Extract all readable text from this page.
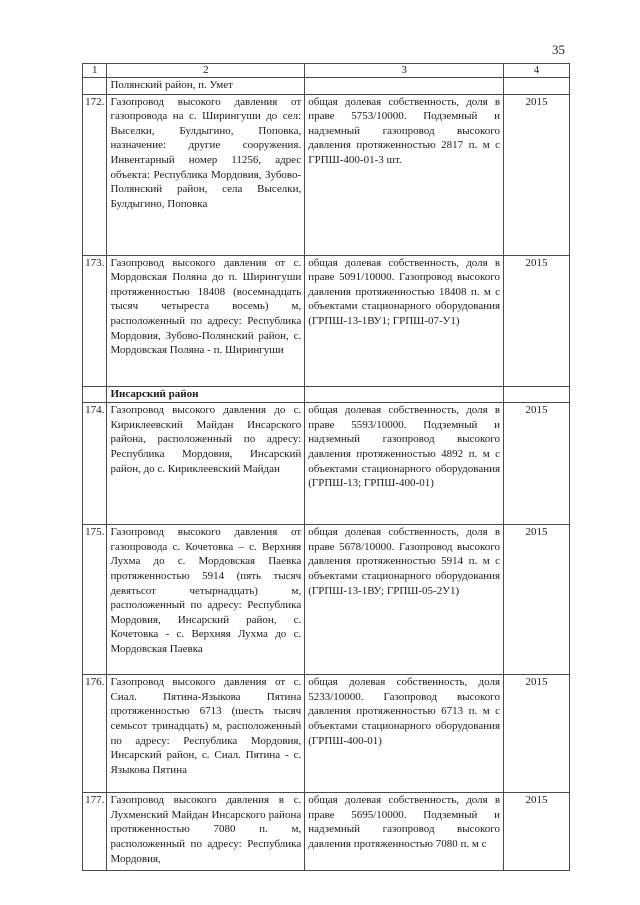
35
1	2	3	4
	Полянский район, п. Умет		
172.	Газопровод высокого давления от газопровода на с. Ширингуши до сел: Выселки, Булдыгино, Поповка, назначение: другие сооружения. Инвентарный номер 11256, адрес объекта: Республика Мордовия, Зубово-Полянский район, села Выселки, Булдыгино, Поповка	общая долевая собственность, доля в праве 5753/10000. Подземный и надземный газопровод высокого давления протяженностью 2817 п. м с ГРПШ-400-01-3 шт.	2015
173.	Газопровод высокого давления от с. Мордовская Поляна до п. Ширингуши протяженностью 18408 (восемнадцать тысяч четыреста восемь) м, расположенный по адресу: Республика Мордовия, Зубово-Полянский район, с. Мордовская Поляна - п. Ширингуши	общая долевая собственность, доля в праве 5091/10000. Газопровод высокого давления протяженностью 18408 п. м с объектами стационарного оборудования (ГРПШ-13-1ВУ1; ГРПШ-07-У1)	2015
	Инсарский район		
174.	Газопровод высокого давления до с. Кириклеевский Майдан Инсарского района, расположенный по адресу: Республика Мордовия, Инсарский район, до с. Кириклеевский Майдан	общая долевая собственность, доля в праве 5593/10000. Подземный и надземный газопровод высокого давления протяженностью 4892 п. м с объектами стационарного оборудования (ГРПШ-13; ГРПШ-400-01)	2015
175.	Газопровод высокого давления от газопровода с. Кочетовка – с. Верхняя Лухма до с. Мордовская Паевка протяженностью 5914 (пять тысяч девятьсот четырнадцать) м, расположенный по адресу: Республика Мордовия, Инсарский район, с. Кочетовка - с. Верхняя Лухма до с. Мордовская Паевка	общая долевая собственность, доля в праве 5678/10000. Газопровод высокого давления протяженностью 5914 п. м с объектами стационарного оборудования (ГРПШ-13-1ВУ; ГРПШ-05-2У1)	2015
176.	Газопровод высокого давления от с. Сиал. Пятина-Языкова Пятина протяженностью 6713 (шесть тысяч семьсот тринадцать) м, расположенный по адресу: Республика Мордовия, Инсарский район, с. Сиал. Пятина - с. Языкова Пятина	общая долевая собственность, доля 5233/10000. Газопровод высокого давления протяженностью 6713 п. м с объектами стационарного оборудования (ГРПШ-400-01)	2015
177.	Газопровод высокого давления в с. Лухменский Майдан Инсарского района протяженностью 7080 п. м, расположенный по адресу: Республика Мордовия,	общая долевая собственность, доля в праве 5695/10000. Подземный и надземный газопровод высокого давления протяженностью 7080 п. м с	2015
